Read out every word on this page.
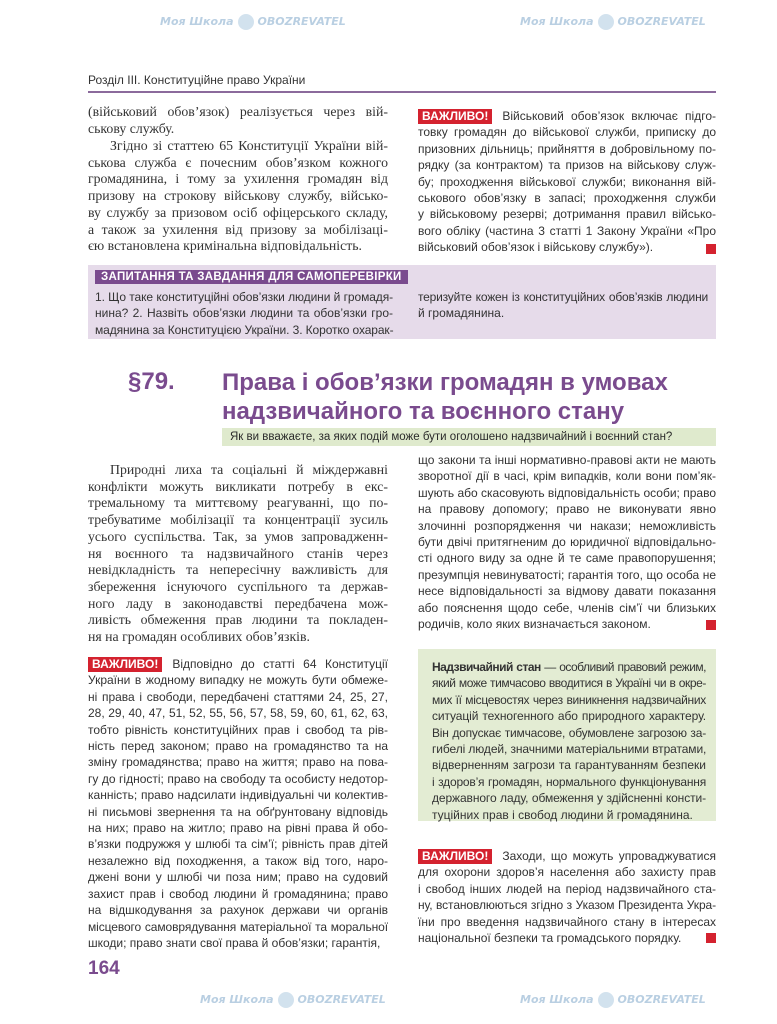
Моя Школа OBOZREVATEL	Моя Школа OBOZREVATEL
Моя Школа OBOZREVATEL	Моя Школа OBOZREVATEL
Розділ III. Конституційне право України
(військовий обов’язок) реалізується через вій-
ськову службу.
Згідно зі статтею 65 Конституції України вій-
ськова служба є почесним обов’язком кожного
громадянина, і тому за ухилення громадян від
призову на строкову військову службу, військо-
ву службу за призовом осіб офіцерського складу,
а також за ухилення від призову за мобілізаці-
єю встановлена кримінальна відповідальність.
ВАЖЛИВО! Військовий обов’язок включає підго-
товку громадян до військової служби, приписку до
призовних дільниць; прийняття в добровільному по-
рядку (за контрактом) та призов на військову служ-
бу; проходження військової служби; виконання вій-
ськового обов’язку в запасі; проходження служби
у військовому резерві; дотримання правил військо-
вого обліку (частина 3 статті 1 Закону України «Про
військовий обов’язок і військову службу»).
ЗАПИТАННЯ ТА ЗАВДАННЯ ДЛЯ САМОПЕРЕВІРКИ
1. Що таке конституційні обов’язки людини й громадя-
нина? 2. Назвіть обов’язки людини та обов’язки гро-
мадянина за Конституцією України. 3. Коротко охарак-
теризуйте кожен із конституційних обов’язків людини
й громадянина.
§79. Права і обов’язки громадян в умовах
надзвичайного та воєнного стану
Як ви вважаєте, за яких подій може бути оголошено надзвичайний і воєнний стан?
Природні лиха та соціальні й міждержавні
конфлікти можуть викликати потребу в екс-
тремальному та миттєвому реагуванні, що по-
требуватиме мобілізації та концентрації зусиль
усього суспільства. Так, за умов запровадженн-
ня воєнного та надзвичайного станів через
невідкладність та непересічну важливість для
збереження існуючого суспільного та держав-
ного ладу в законодавстві передбачена мож-
ливість обмеження прав людини та покладен-
ня на громадян особливих обов’язків.
що закони та інші нормативно-правові акти не мають
зворотної дії в часі, крім випадків, коли вони пом’як-
шують або скасовують відповідальність особи; право
на правову допомогу; право не виконувати явно
злочинні розпорядження чи накази; неможливість
бути двічі притягненим до юридичної відповідально-
сті одного виду за одне й те саме правопорушення;
презумпція невинуватості; гарантія того, що особа не
несе відповідальності за відмову давати показання
або пояснення щодо себе, членів сім’ї чи близьких
родичів, коло яких визначається законом.
ВАЖЛИВО! Відповідно до статті 64 Конституції
України в жодному випадку не можуть бути обмеже-
ні права і свободи, передбачені статтями 24, 25, 27,
28, 29, 40, 47, 51, 52, 55, 56, 57, 58, 59, 60, 61, 62, 63,
тобто рівність конституційних прав і свобод та рів-
ність перед законом; право на громадянство та на
зміну громадянства; право на життя; право на пова-
гу до гідності; право на свободу та особисту недотор-
канність; право надсилати індивідуальні чи колектив-
ні письмові звернення та на обґрунтовану відповідь
на них; право на житло; право на рівні права й обо-
в’язки подружжя у шлюбі та сім’ї; рівність прав дітей
незалежно від походження, а також від того, наро-
джені вони у шлюбі чи поза ним; право на судовий
захист прав і свобод людини й громадянина; право
на відшкодування за рахунок держави чи органів
місцевого самоврядування матеріальної та моральної
шкоди; право знати свої права й обов’язки; гарантія,
Надзвичайний стан — особливий правовий режим,
який може тимчасово вводитися в Україні чи в окре-
мих її місцевостях через виникнення надзвичайних
ситуацій техногенного або природного характеру.
Він допускає тимчасове, обумовлене загрозою за-
гибелі людей, значними матеріальними втратами,
відверненням загрози та гарантуванням безпеки
і здоров’я громадян, нормального функціонування
державного ладу, обмеження у здійсненні консти-
туційних прав і свобод людини й громадянина.
ВАЖЛИВО! Заходи, що можуть упроваджуватися
для охорони здоров’я населення або захисту прав
і свобод інших людей на період надзвичайного ста-
ну, встановлюються згідно з Указом Президента Укра-
їни про введення надзвичайного стану в інтересах
національної безпеки та громадського порядку.
164
